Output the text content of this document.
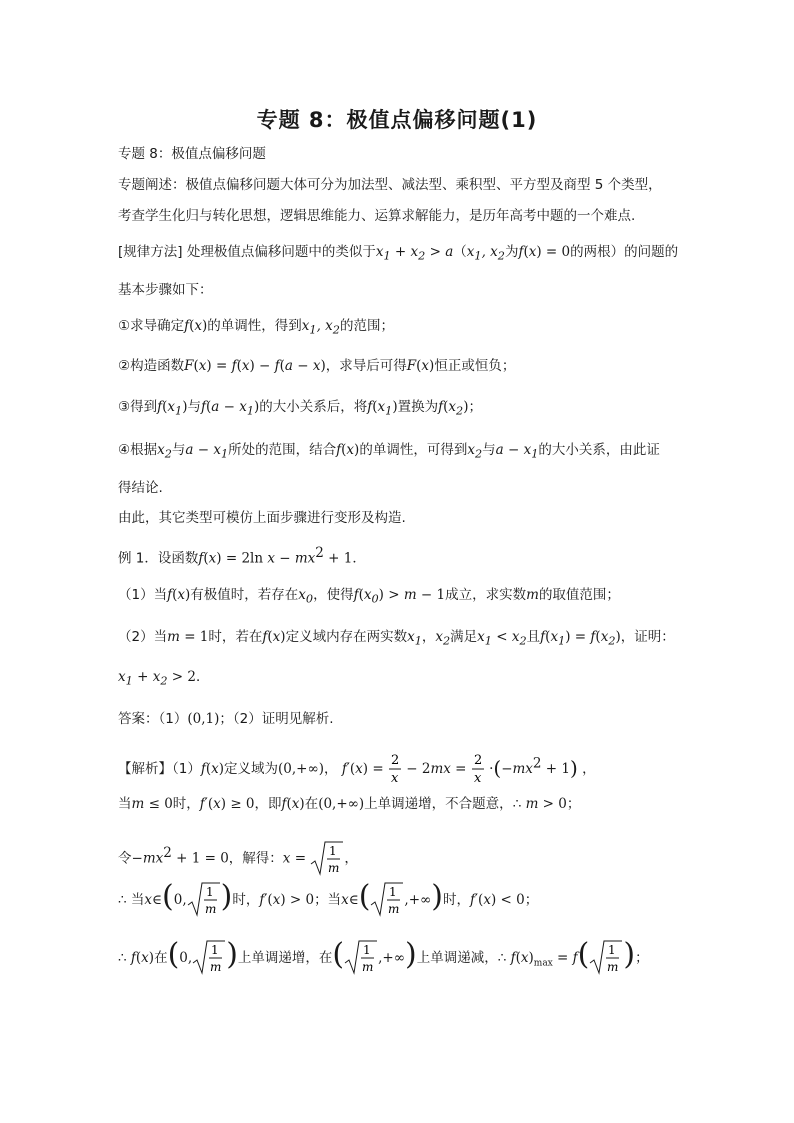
专题 8：极值点偏移问题(1)
专题 8：极值点偏移问题
专题阐述：极值点偏移问题大体可分为加法型、减法型、乘积型、平方型及商型 5 个类型，
考查学生化归与转化思想，逻辑思维能力、运算求解能力，是历年高考中题的一个难点.
[规律方法] 处理极值点偏移问题中的类似于$x_1 + x_2 > a(x_1$, $x_2$为f(x) = 0的两根）的问题的
基本步骤如下：
①求导确定f(x)的单调性，得到$x_1$, $x_2$的范围；
②构造函数F(x) = f(x) − f(a − x)，求导后可得F(x)恒正或恒负；
③得到$f(x_1)$与$f(a - x_1)$的大小关系后，将$f(x_1)$置换为$f(x_2)$；
④根据$x_2$与$a - x_1$所处的范围，结合f(x)的单调性，可得到$x_2$与$a - x_1$的大小关系，由此证
得结论.
由此，其它类型可模仿上面步骤进行变形及构造.
例 1．设函数f(x) = 2ln $x - mx^2 + 1$．
（1）当f(x)有极值时，若存在$x_0$，使得$f(x_0) > m - 1$成立，求实数m的取值范围；
（2）当m = 1时，若在f(x)定义域内存在两实数$x_1$，$x_2$满足$x_1 < x_2$且$f(x_1) = f(x_2)$，证明：
$x_1 + x_2 > 2$．
答案：（1）(0,1)；（2）证明见解析.
【解析】（1）f(x)定义域为(0,+∞)， f′(x) =
2
x
− 2mx =
2
x
$\cdot(-mx^2 + 1)$ ，
当m ≤ 0时，f′(x) ≥ 0，即f(x)在(0,+∞)上单调递增，不合题意，∴ m > 0；
令$-mx^2 + 1 = 0$，解得：x = 1
m
，
∴ 当x∈(0, 1
m )时，f′(x) > 0；当x∈( 1
m
,+∞)时，f′(x) < 0；
∴ f(x)在(0, 1
m )上单调递增，在( 1
m
,+∞)上单调递减，∴ $f(x)_{max} = f$( 1
m )；
